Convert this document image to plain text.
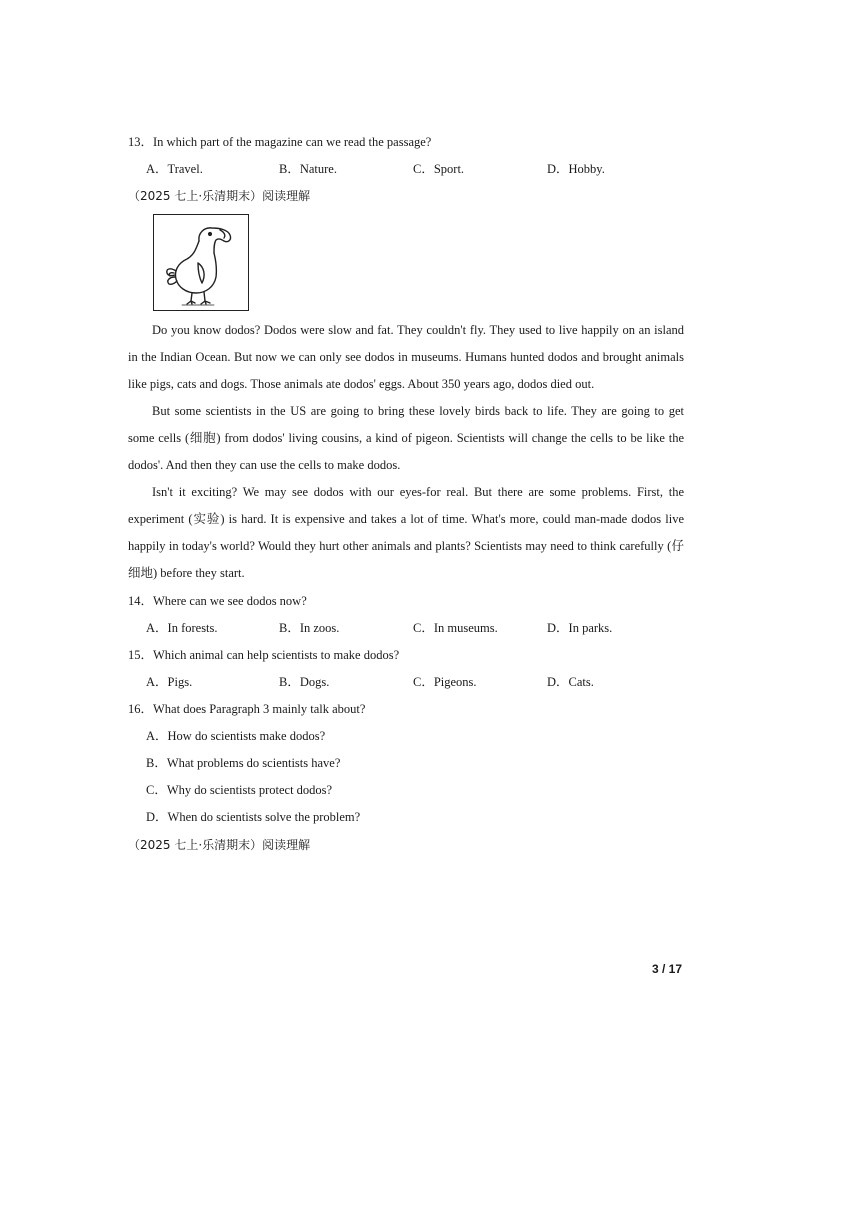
13．In which part of the magazine can we read the passage?
A．Travel.	B．Nature.	C．Sport.	D．Hobby.
（2025 七上·乐清期末）阅读理解

Do you know dodos? Dodos were slow and fat. They couldn't fly. They used to live happily on an island in the Indian Ocean. But now we can only see dodos in museums. Humans hunted dodos and brought animals like pigs, cats and dogs. Those animals ate dodos' eggs. About 350 years ago, dodos died out.

But some scientists in the US are going to bring these lovely birds back to life. They are going to get some cells (细胞) from dodos' living cousins, a kind of pigeon. Scientists will change the cells to be like the dodos'. And then they can use the cells to make dodos.

Isn't it exciting? We may see dodos with our eyes-for real. But there are some problems. First, the experiment (实验) is hard. It is expensive and takes a lot of time. What's more, could man-made dodos live happily in today's world? Would they hurt other animals and plants? Scientists may need to think carefully (仔细地) before they start.

14．Where can we see dodos now?
A．In forests.	B．In zoos.	C．In museums.	D．In parks.
15．Which animal can help scientists to make dodos?
A．Pigs.	B．Dogs.	C．Pigeons.	D．Cats.
16．What does Paragraph 3 mainly talk about?
A．How do scientists make dodos?
B．What problems do scientists have?
C．Why do scientists protect dodos?
D．When do scientists solve the problem?
（2025 七上·乐清期末）阅读理解
3 / 17
